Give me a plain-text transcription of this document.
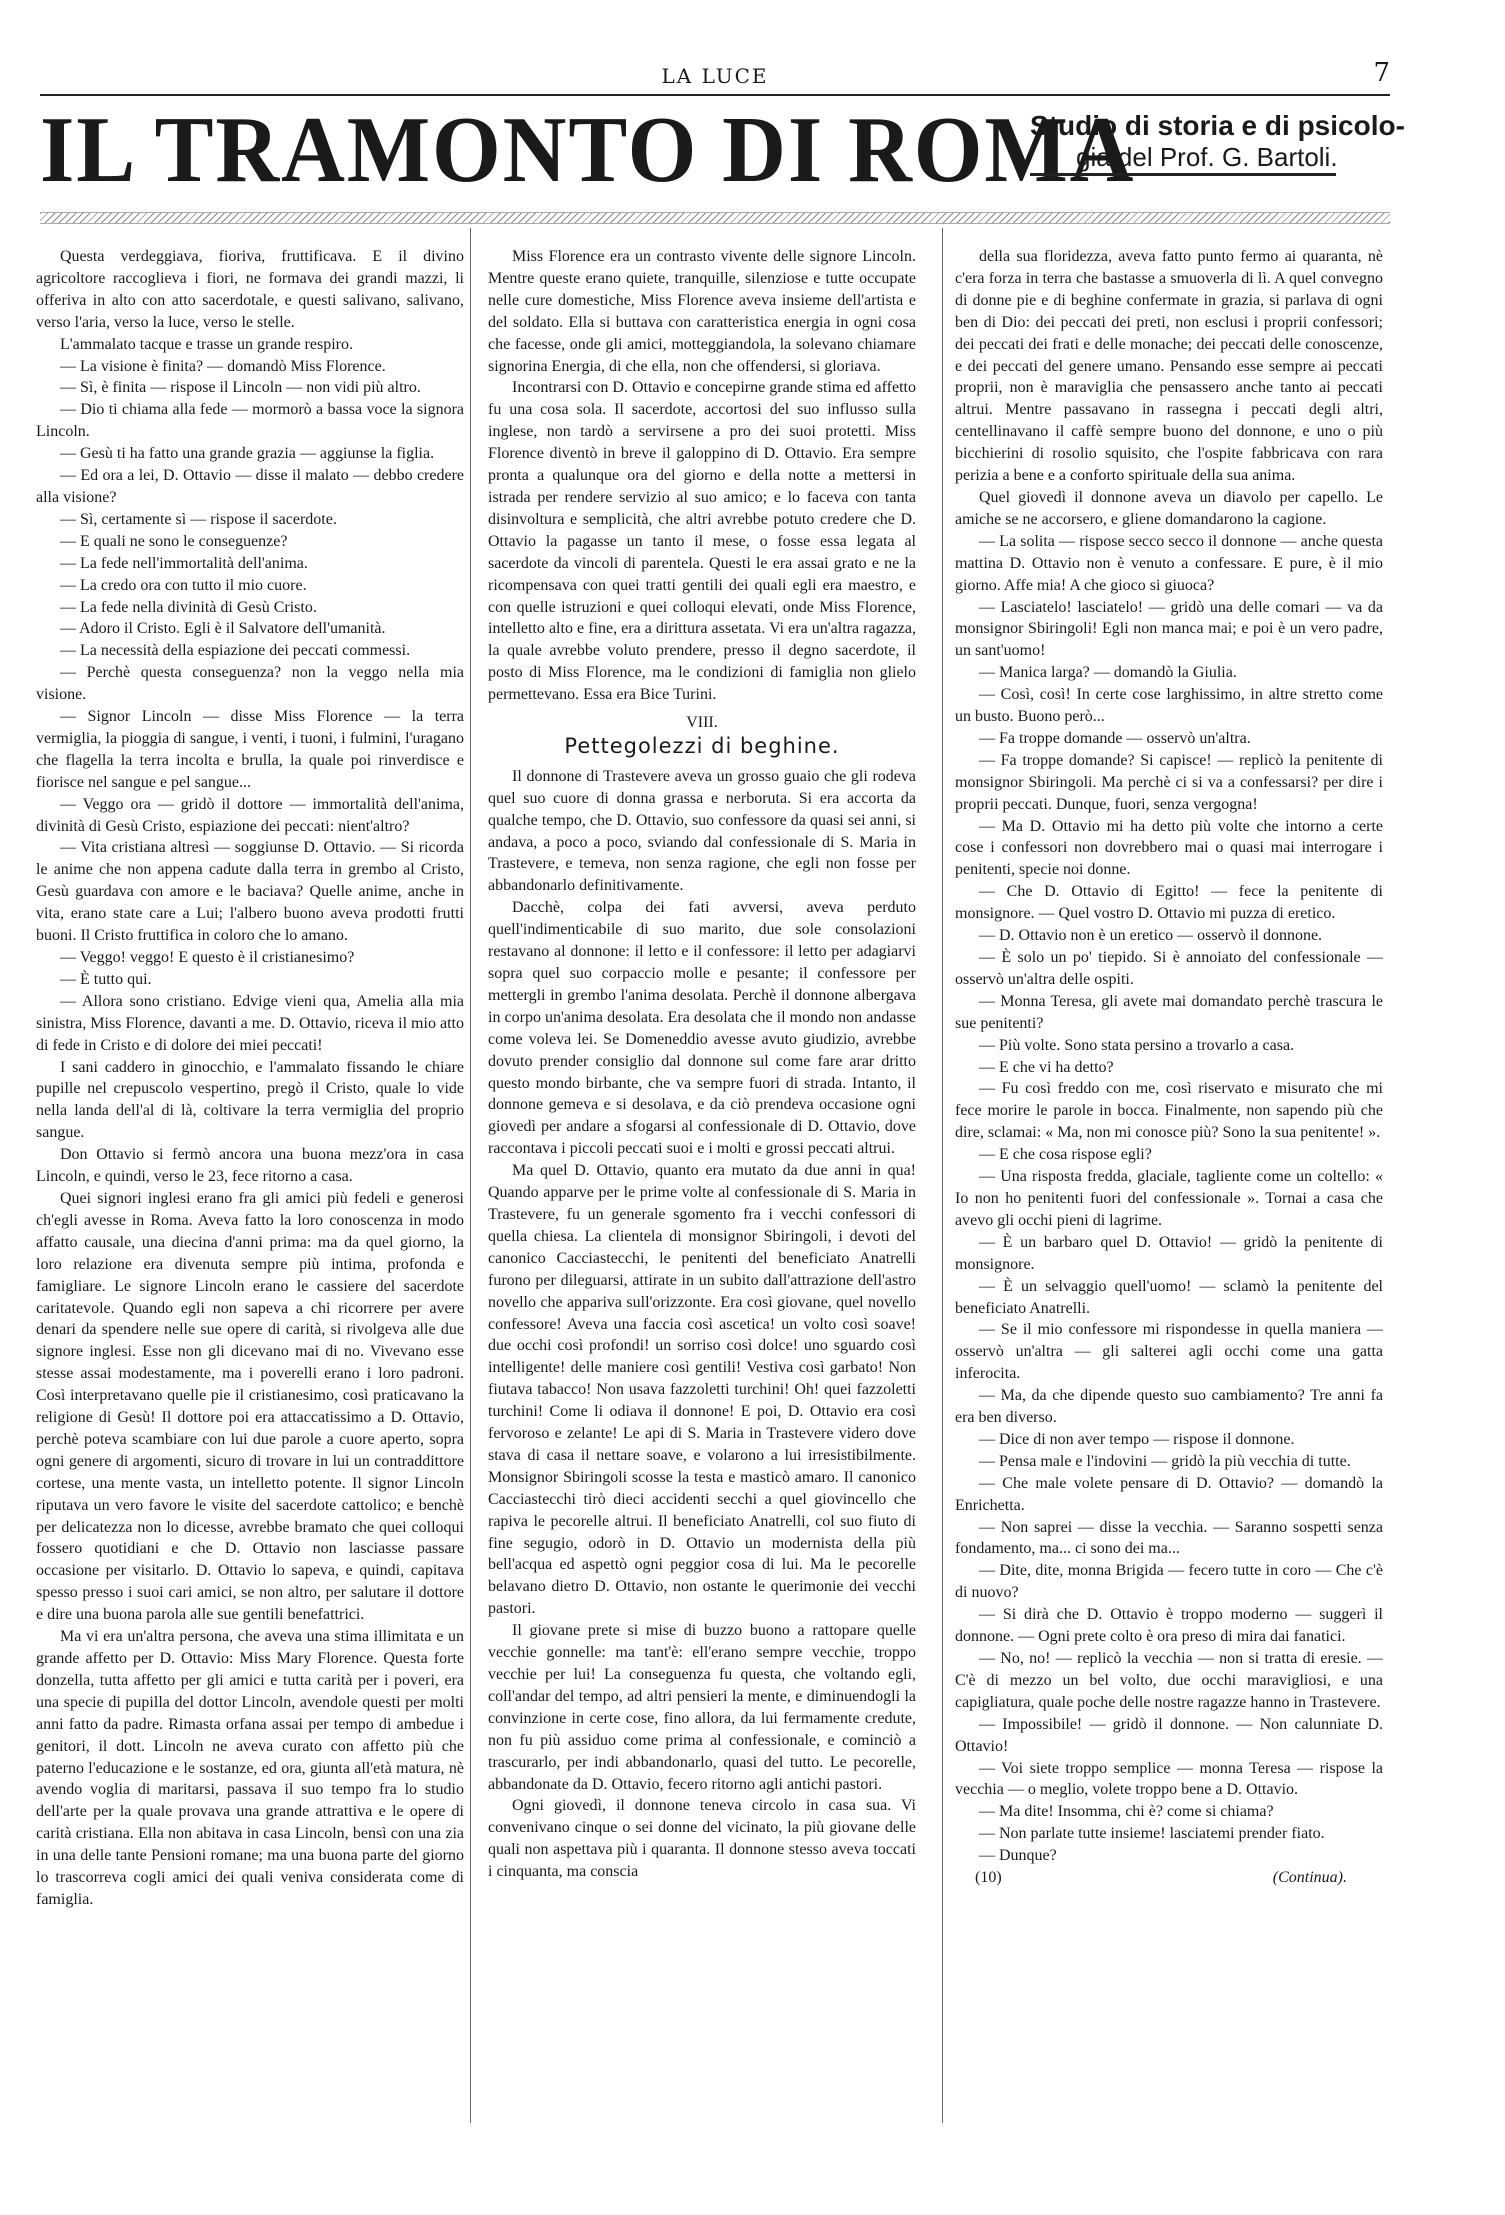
LA LUCE	7
IL TRAMONTO DI ROMA
Studio di storia e di psicolo-
gia del Prof. G. Bartoli.

Questa verdeggiava, fioriva, fruttificava. E il divino agricoltore raccoglieva i fiori, ne formava dei grandi mazzi, li offeriva in alto con atto sacerdotale, e questi salivano, salivano, verso l'aria, verso la luce, verso le stelle.

L'ammalato tacque e trasse un grande respiro.

— La visione è finita? — domandò Miss Florence.

— Sì, è finita — rispose il Lincoln — non vidi più altro.

— Dio ti chiama alla fede — mormorò a bassa voce la signora Lincoln.

— Gesù ti ha fatto una grande grazia — aggiunse la figlia.

— Ed ora a lei, D. Ottavio — disse il malato — debbo credere alla visione?

— Sì, certamente sì — rispose il sacerdote.

— E quali ne sono le conseguenze?

— La fede nell'immortalità dell'anima.

— La credo ora con tutto il mio cuore.

— La fede nella divinità di Gesù Cristo.

— Adoro il Cristo. Egli è il Salvatore dell'umanità.

— La necessità della espiazione dei peccati commessi.

— Perchè questa conseguenza? non la veggo nella mia visione.

— Signor Lincoln — disse Miss Florence — la terra vermiglia, la pioggia di sangue, i venti, i tuoni, i fulmini, l'uragano che flagella la terra incolta e brulla, la quale poi rinverdisce e fiorisce nel sangue e pel sangue...

— Veggo ora — gridò il dottore — immortalità dell'anima, divinità di Gesù Cristo, espiazione dei peccati: nient'altro?

— Vita cristiana altresì — soggiunse D. Ottavio. — Si ricorda le anime che non appena cadute dalla terra in grembo al Cristo, Gesù guardava con amore e le baciava? Quelle anime, anche in vita, erano state care a Lui; l'albero buono aveva prodotti frutti buoni. Il Cristo fruttifica in coloro che lo amano.

— Veggo! veggo! E questo è il cristianesimo?

— È tutto qui.

— Allora sono cristiano. Edvige vieni qua, Amelia alla mia sinistra, Miss Florence, davanti a me. D. Ottavio, riceva il mio atto di fede in Cristo e di dolore dei miei peccati!

I sani caddero in ginocchio, e l'ammalato fissando le chiare pupille nel crepuscolo vespertino, pregò il Cristo, quale lo vide nella landa dell'al di là, coltivare la terra vermiglia del proprio sangue.

Don Ottavio si fermò ancora una buona mezz'ora in casa Lincoln, e quindi, verso le 23, fece ritorno a casa.

Quei signori inglesi erano fra gli amici più fedeli e generosi ch'egli avesse in Roma. Aveva fatto la loro conoscenza in modo affatto causale, una diecina d'anni prima: ma da quel giorno, la loro relazione era divenuta sempre più intima, profonda e famigliare. Le signore Lincoln erano le cassiere del sacerdote caritatevole. Quando egli non sapeva a chi ricorrere per avere denari da spendere nelle sue opere di carità, si rivolgeva alle due signore inglesi. Esse non gli dicevano mai di no. Vivevano esse stesse assai modestamente, ma i poverelli erano i loro padroni. Così interpretavano quelle pie il cristianesimo, così praticavano la religione di Gesù! Il dottore poi era attaccatissimo a D. Ottavio, perchè poteva scambiare con lui due parole a cuore aperto, sopra ogni genere di argomenti, sicuro di trovare in lui un contraddittore cortese, una mente vasta, un intelletto potente. Il signor Lincoln riputava un vero favore le visite del sacerdote cattolico; e benchè per delicatezza non lo dicesse, avrebbe bramato che quei colloqui fossero quotidiani e che D. Ottavio non lasciasse passare occasione per visitarlo. D. Ottavio lo sapeva, e quindi, capitava spesso presso i suoi cari amici, se non altro, per salutare il dottore e dire una buona parola alle sue gentili benefattrici.

Ma vi era un'altra persona, che aveva una stima illimitata e un grande affetto per D. Ottavio: Miss Mary Florence. Questa forte donzella, tutta affetto per gli amici e tutta carità per i poveri, era una specie di pupilla del dottor Lincoln, avendole questi per molti anni fatto da padre. Rimasta orfana assai per tempo di ambedue i genitori, il dott. Lincoln ne aveva curato con affetto più che paterno l'educazione e le sostanze, ed ora, giunta all'età matura, nè avendo voglia di maritarsi, passava il suo tempo fra lo studio dell'arte per la quale provava una grande attrattiva e le opere di carità cristiana. Ella non abitava in casa Lincoln, bensì con una zia in una delle tante Pensioni romane; ma una buona parte del giorno lo trascorreva cogli amici dei quali veniva considerata come di famiglia.

Miss Florence era un contrasto vivente delle signore Lincoln. Mentre queste erano quiete, tranquille, silenziose e tutte occupate nelle cure domestiche, Miss Florence aveva insieme dell'artista e del soldato. Ella si buttava con caratteristica energia in ogni cosa che facesse, onde gli amici, motteggiandola, la solevano chiamare signorina Energia, di che ella, non che offendersi, si gloriava.

Incontrarsi con D. Ottavio e concepirne grande stima ed affetto fu una cosa sola. Il sacerdote, accortosi del suo influsso sulla inglese, non tardò a servirsene a pro dei suoi protetti. Miss Florence diventò in breve il galoppino di D. Ottavio. Era sempre pronta a qualunque ora del giorno e della notte a mettersi in istrada per rendere servizio al suo amico; e lo faceva con tanta disinvoltura e semplicità, che altri avrebbe potuto credere che D. Ottavio la pagasse un tanto il mese, o fosse essa legata al sacerdote da vincoli di parentela. Questi le era assai grato e ne la ricompensava con quei tratti gentili dei quali egli era maestro, e con quelle istruzioni e quei colloqui elevati, onde Miss Florence, intelletto alto e fine, era a dirittura assetata. Vi era un'altra ragazza, la quale avrebbe voluto prendere, presso il degno sacerdote, il posto di Miss Florence, ma le condizioni di famiglia non glielo permettevano. Essa era Bice Turini.

VIII.
Pettegolezzi di beghine.

Il donnone di Trastevere aveva un grosso guaio che gli rodeva quel suo cuore di donna grassa e nerboruta. Si era accorta da qualche tempo, che D. Ottavio, suo confessore da quasi sei anni, si andava, a poco a poco, sviando dal confessionale di S. Maria in Trastevere, e temeva, non senza ragione, che egli non fosse per abbandonarlo definitivamente.

Dacchè, colpa dei fati avversi, aveva perduto quell'indimenticabile di suo marito, due sole consolazioni restavano al donnone: il letto e il confessore: il letto per adagiarvi sopra quel suo corpaccio molle e pesante; il confessore per mettergli in grembo l'anima desolata. Perchè il donnone albergava in corpo un'anima desolata. Era desolata che il mondo non andasse come voleva lei. Se Domeneddio avesse avuto giudizio, avrebbe dovuto prender consiglio dal donnone sul come fare arar dritto questo mondo birbante, che va sempre fuori di strada. Intanto, il donnone gemeva e si desolava, e da ciò prendeva occasione ogni giovedì per andare a sfogarsi al confessionale di D. Ottavio, dove raccontava i piccoli peccati suoi e i molti e grossi peccati altrui.

Ma quel D. Ottavio, quanto era mutato da due anni in qua! Quando apparve per le prime volte al confessionale di S. Maria in Trastevere, fu un generale sgomento fra i vecchi confessori di quella chiesa. La clientela di monsignor Sbiringoli, i devoti del canonico Cacciastecchi, le penitenti del beneficiato Anatrelli furono per dileguarsi, attirate in un subito dall'attrazione dell'astro novello che appariva sull'orizzonte. Era così giovane, quel novello confessore! Aveva una faccia così ascetica! un volto così soave! due occhi così profondi! un sorriso così dolce! uno sguardo così intelligente! delle maniere così gentili! Vestiva così garbato! Non fiutava tabacco! Non usava fazzoletti turchini! Oh! quei fazzoletti turchini! Come li odiava il donnone! E poi, D. Ottavio era così fervoroso e zelante! Le api di S. Maria in Trastevere videro dove stava di casa il nettare soave, e volarono a lui irresistibilmente. Monsignor Sbiringoli scosse la testa e masticò amaro. Il canonico Cacciastecchi tirò dieci accidenti secchi a quel giovincello che rapiva le pecorelle altrui. Il beneficiato Anatrelli, col suo fiuto di fine segugio, odorò in D. Ottavio un modernista della più bell'acqua ed aspettò ogni peggior cosa di lui. Ma le pecorelle belavano dietro D. Ottavio, non ostante le querimonie dei vecchi pastori.

Il giovane prete si mise di buzzo buono a rattopare quelle vecchie gonnelle: ma tant'è: ell'erano sempre vecchie, troppo vecchie per lui! La conseguenza fu questa, che voltando egli, coll'andar del tempo, ad altri pensieri la mente, e diminuendogli la convinzione in certe cose, fino allora, da lui fermamente credute, non fu più assiduo come prima al confessionale, e cominciò a trascurarlo, per indi abbandonarlo, quasi del tutto. Le pecorelle, abbandonate da D. Ottavio, fecero ritorno agli antichi pastori.

Ogni giovedì, il donnone teneva circolo in casa sua. Vi convenivano cinque o sei donne del vicinato, la più giovane delle quali non aspettava più i quaranta. Il donnone stesso aveva toccati i cinquanta, ma conscia

della sua floridezza, aveva fatto punto fermo ai quaranta, nè c'era forza in terra che bastasse a smuoverla di lì. A quel convegno di donne pie e di beghine confermate in grazia, si parlava di ogni ben di Dio: dei peccati dei preti, non esclusi i proprii confessori; dei peccati dei frati e delle monache; dei peccati delle conoscenze, e dei peccati del genere umano. Pensando esse sempre ai peccati proprii, non è maraviglia che pensassero anche tanto ai peccati altrui. Mentre passavano in rassegna i peccati degli altri, centellinavano il caffè sempre buono del donnone, e uno o più bicchierini di rosolio squisito, che l'ospite fabbricava con rara perizia a bene e a conforto spirituale della sua anima.

Quel giovedì il donnone aveva un diavolo per capello. Le amiche se ne accorsero, e gliene domandarono la cagione.

— La solita — rispose secco secco il donnone — anche questa mattina D. Ottavio non è venuto a confessare. E pure, è il mio giorno. Affe mia! A che gioco si giuoca?

— Lasciatelo! lasciatelo! — gridò una delle comari — va da monsignor Sbiringoli! Egli non manca mai; e poi è un vero padre, un sant'uomo!

— Manica larga? — domandò la Giulia.

— Così, così! In certe cose larghissimo, in altre stretto come un busto. Buono però...

— Fa troppe domande — osservò un'altra.

— Fa troppe domande? Si capisce! — replicò la penitente di monsignor Sbiringoli. Ma perchè ci si va a confessarsi? per dire i proprii peccati. Dunque, fuori, senza vergogna!

— Ma D. Ottavio mi ha detto più volte che intorno a certe cose i confessori non dovrebbero mai o quasi mai interrogare i penitenti, specie noi donne.

— Che D. Ottavio di Egitto! — fece la penitente di monsignore. — Quel vostro D. Ottavio mi puzza di eretico.

— D. Ottavio non è un eretico — osservò il donnone.

— È solo un po' tiepido. Si è annoiato del confessionale — osservò un'altra delle ospiti.

— Monna Teresa, gli avete mai domandato perchè trascura le sue penitenti?

— Più volte. Sono stata persino a trovarlo a casa.

— E che vi ha detto?

— Fu così freddo con me, così riservato e misurato che mi fece morire le parole in bocca. Finalmente, non sapendo più che dire, sclamai: « Ma, non mi conosce più? Sono la sua penitente! ».

— E che cosa rispose egli?

— Una risposta fredda, glaciale, tagliente come un coltello: « Io non ho penitenti fuori del confessionale ». Tornai a casa che avevo gli occhi pieni di lagrime.

— È un barbaro quel D. Ottavio! — gridò la penitente di monsignore.

— È un selvaggio quell'uomo! — sclamò la penitente del beneficiato Anatrelli.

— Se il mio confessore mi rispondesse in quella maniera — osservò un'altra — gli salterei agli occhi come una gatta inferocita.

— Ma, da che dipende questo suo cambiamento? Tre anni fa era ben diverso.

— Dice di non aver tempo — rispose il donnone.

— Pensa male e l'indovini — gridò la più vecchia di tutte.

— Che male volete pensare di D. Ottavio? — domandò la Enrichetta.

— Non saprei — disse la vecchia. — Saranno sospetti senza fondamento, ma... ci sono dei ma...

— Dite, dite, monna Brigida — fecero tutte in coro — Che c'è di nuovo?

— Si dirà che D. Ottavio è troppo moderno — suggerì il donnone. — Ogni prete colto è ora preso di mira dai fanatici.

— No, no! — replicò la vecchia — non si tratta di eresie. — C'è di mezzo un bel volto, due occhi maravigliosi, e una capigliatura, quale poche delle nostre ragazze hanno in Trastevere.

— Impossibile! — gridò il donnone. — Non calunniate D. Ottavio!

— Voi siete troppo semplice — monna Teresa — rispose la vecchia — o meglio, volete troppo bene a D. Ottavio.

— Ma dite! Insomma, chi è? come si chiama?

— Non parlate tutte insieme! lasciatemi prender fiato.

— Dunque?

(10)	(Continua).
